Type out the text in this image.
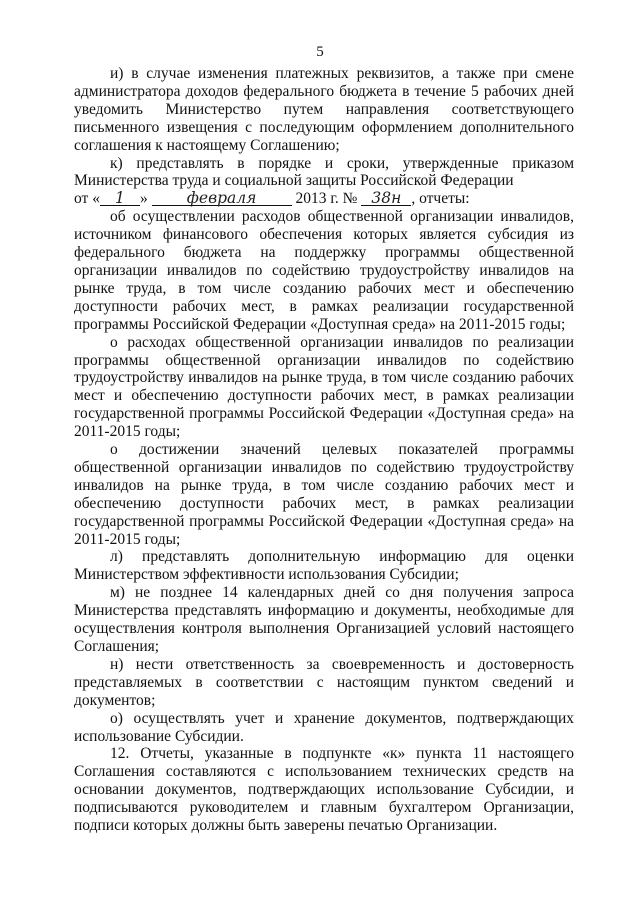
5

и) в случае изменения платежных реквизитов, а также при смене администратора доходов федерального бюджета в течение 5 рабочих дней уведомить Министерство путем направления соответствующего письменного извещения с последующим оформлением дополнительного соглашения к настоящему Соглашению;

к) представлять в порядке и сроки, утвержденные приказом Министерства труда и социальной защиты Российской Федерации

от « 1 »	февраля	2013 г. № 38н , отчеты:

об осуществлении расходов общественной организации инвалидов, источником финансового обеспечения которых является субсидия из федерального бюджета на поддержку программы общественной организации инвалидов по содействию трудоустройству инвалидов на рынке труда, в том числе созданию рабочих мест и обеспечению доступности рабочих мест, в рамках реализации государственной программы Российской Федерации «Доступная среда» на 2011-2015 годы;

о расходах общественной организации инвалидов по реализации программы общественной организации инвалидов по содействию трудоустройству инвалидов на рынке труда, в том числе созданию рабочих мест и обеспечению доступности рабочих мест, в рамках реализации государственной программы Российской Федерации «Доступная среда» на 2011-2015 годы;

о достижении значений целевых показателей программы общественной организации инвалидов по содействию трудоустройству инвалидов на рынке труда, в том числе созданию рабочих мест и обеспечению доступности рабочих мест, в рамках реализации государственной программы Российской Федерации «Доступная среда» на 2011-2015 годы;

л) представлять дополнительную информацию для оценки Министерством эффективности использования Субсидии;

м) не позднее 14 календарных дней со дня получения запроса Министерства представлять информацию и документы, необходимые для осуществления контроля выполнения Организацией условий настоящего Соглашения;

н) нести ответственность за своевременность и достоверность представляемых в соответствии с настоящим пунктом сведений и документов;

о) осуществлять учет и хранение документов, подтверждающих использование Субсидии.

12. Отчеты, указанные в подпункте «к» пункта 11 настоящего Соглашения составляются с использованием технических средств на основании документов, подтверждающих использование Субсидии, и подписываются руководителем и главным бухгалтером Организации, подписи которых должны быть заверены печатью Организации.
